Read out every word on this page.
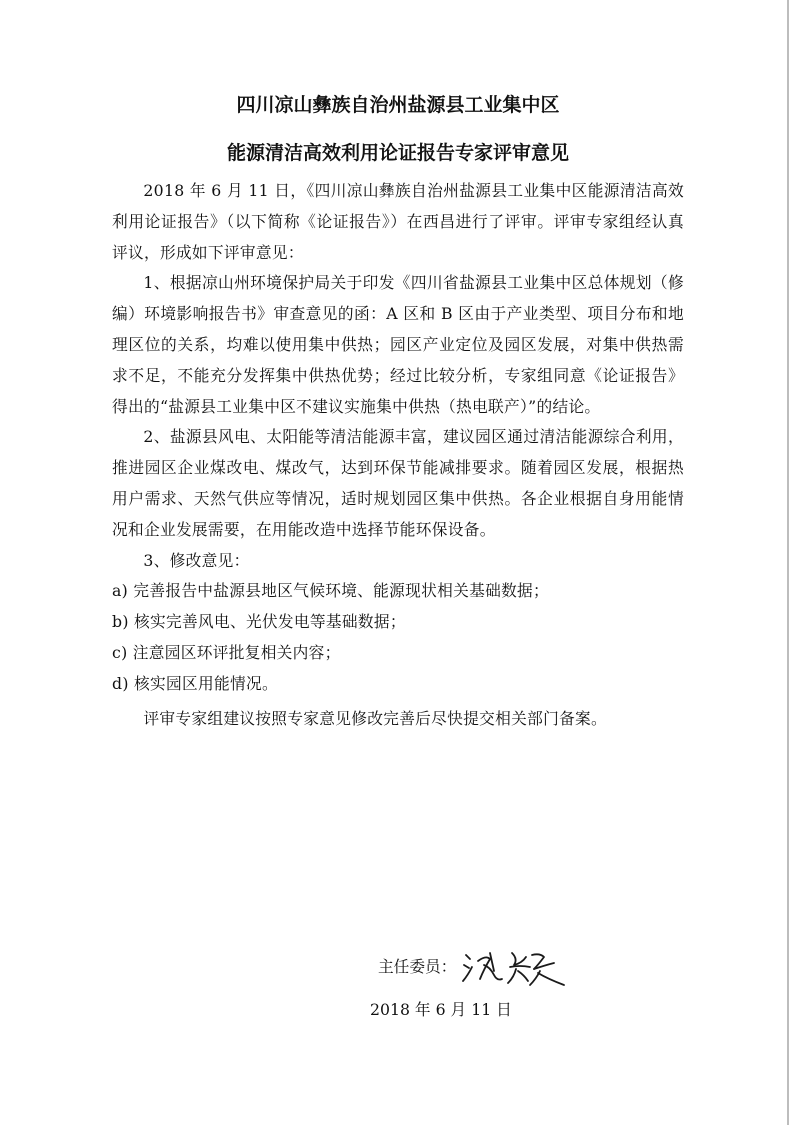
四川凉山彝族自治州盐源县工业集中区

能源清洁高效利用论证报告专家评审意见

2018 年 6 月 11 日，《四川凉山彝族自治州盐源县工业集中区能源清洁高效利用论证报告》（以下简称《论证报告》）在西昌进行了评审。评审专家组经认真评议，形成如下评审意见：

1、根据凉山州环境保护局关于印发《四川省盐源县工业集中区总体规划（修编）环境影响报告书》审查意见的函：A 区和 B 区由于产业类型、项目分布和地理区位的关系，均难以使用集中供热；园区产业定位及园区发展，对集中供热需求不足，不能充分发挥集中供热优势；经过比较分析，专家组同意《论证报告》得出的“盐源县工业集中区不建议实施集中供热（热电联产）”的结论。

2、盐源县风电、太阳能等清洁能源丰富，建议园区通过清洁能源综合利用，推进园区企业煤改电、煤改气，达到环保节能减排要求。随着园区发展，根据热用户需求、天然气供应等情况，适时规划园区集中供热。各企业根据自身用能情况和企业发展需要，在用能改造中选择节能环保设备。

3、修改意见：

a) 完善报告中盐源县地区气候环境、能源现状相关基础数据；

b) 核实完善风电、光伏发电等基础数据；

c) 注意园区环评批复相关内容；

d) 核实园区用能情况。

评审专家组建议按照专家意见修改完善后尽快提交相关部门备案。

主任委员：
2018 年 6 月 11 日
